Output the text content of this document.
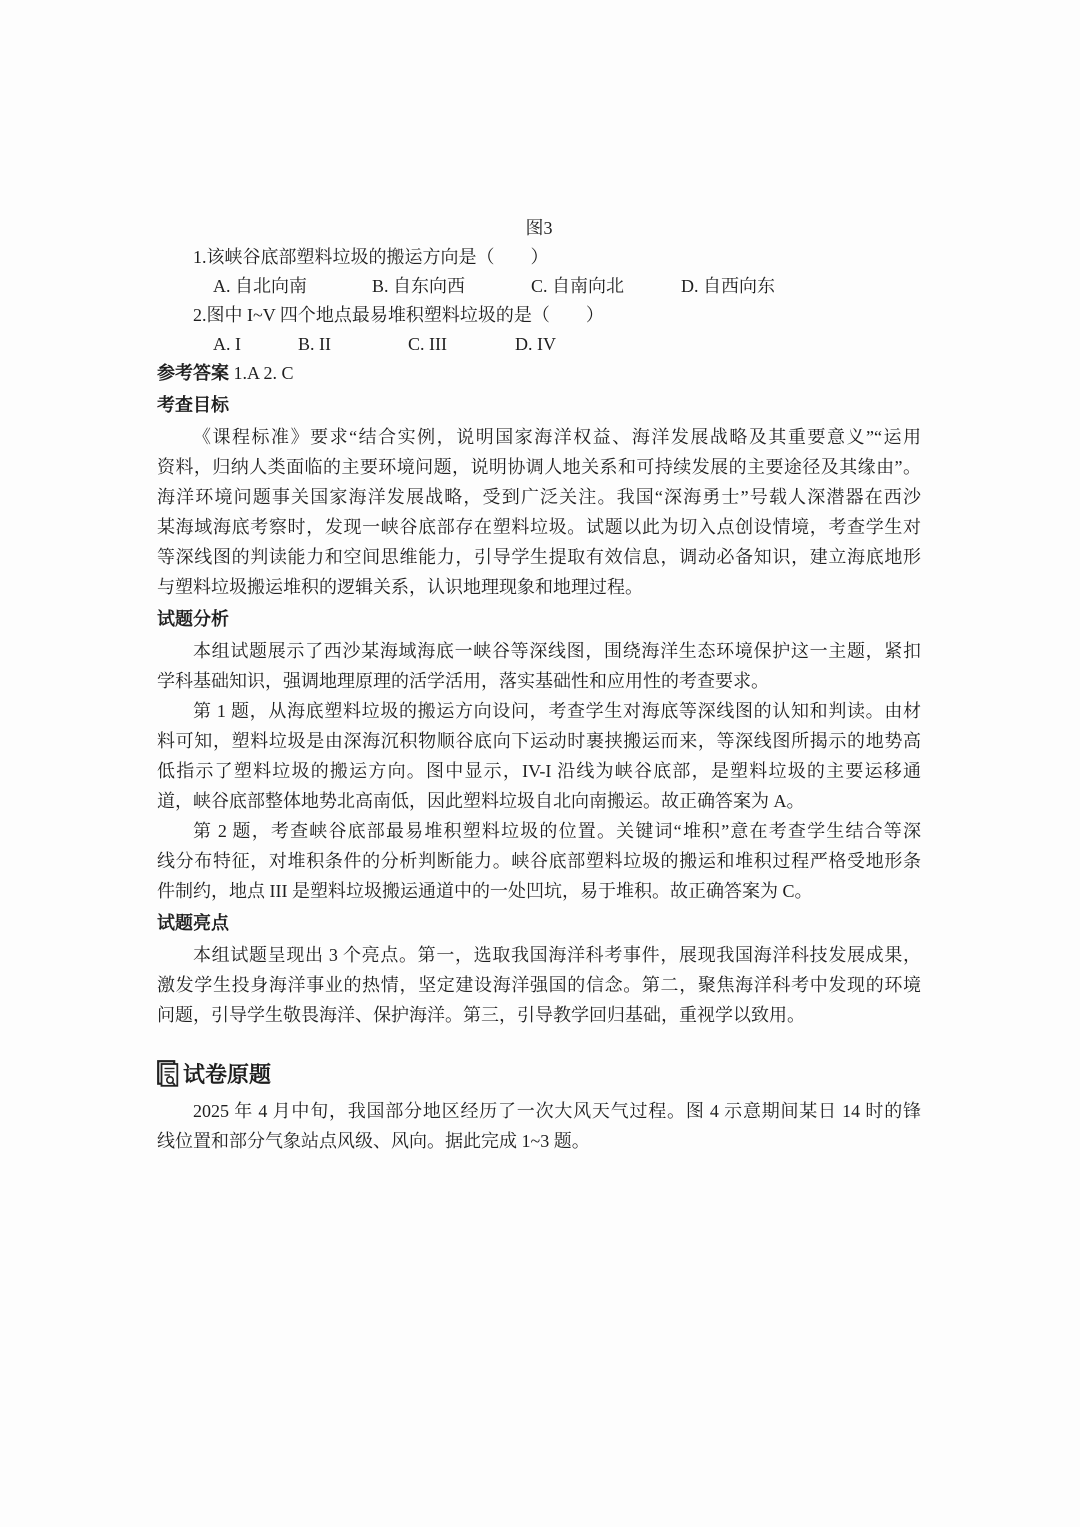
图3
1.该峡谷底部塑料垃圾的搬运方向是（　　）
A. 自北向南	B. 自东向西	C. 自南向北	D. 自西向东
2.图中 I~V 四个地点最易堆积塑料垃圾的是（　　）
A. I	B. II	C. III	D. IV
参考答案 1.A 2. C
考查目标
《课程标准》要求“结合实例，说明国家海洋权益、海洋发展战略及其重要意义”“运用
资料，归纳人类面临的主要环境问题，说明协调人地关系和可持续发展的主要途径及其缘由”。
海洋环境问题事关国家海洋发展战略，受到广泛关注。我国“深海勇士”号载人深潜器在西沙
某海域海底考察时，发现一峡谷底部存在塑料垃圾。试题以此为切入点创设情境，考查学生对
等深线图的判读能力和空间思维能力，引导学生提取有效信息，调动必备知识，建立海底地形
与塑料垃圾搬运堆积的逻辑关系，认识地理现象和地理过程。
试题分析
本组试题展示了西沙某海域海底一峡谷等深线图，围绕海洋生态环境保护这一主题，紧扣
学科基础知识，强调地理原理的活学活用，落实基础性和应用性的考查要求。
第 1 题，从海底塑料垃圾的搬运方向设问，考查学生对海底等深线图的认知和判读。由材
料可知，塑料垃圾是由深海沉积物顺谷底向下运动时裹挟搬运而来，等深线图所揭示的地势高
低指示了塑料垃圾的搬运方向。图中显示，IV-I 沿线为峡谷底部，是塑料垃圾的主要运移通
道，峡谷底部整体地势北高南低，因此塑料垃圾自北向南搬运。故正确答案为 A。
第 2 题，考查峡谷底部最易堆积塑料垃圾的位置。关键词“堆积”意在考查学生结合等深
线分布特征，对堆积条件的分析判断能力。峡谷底部塑料垃圾的搬运和堆积过程严格受地形条
件制约，地点 III 是塑料垃圾搬运通道中的一处凹坑，易于堆积。故正确答案为 C。
试题亮点
本组试题呈现出 3 个亮点。第一，选取我国海洋科考事件，展现我国海洋科技发展成果，
激发学生投身海洋事业的热情，坚定建设海洋强国的信念。第二，聚焦海洋科考中发现的环境
问题，引导学生敬畏海洋、保护海洋。第三，引导教学回归基础，重视学以致用。
试卷原题
2025 年 4 月中旬，我国部分地区经历了一次大风天气过程。图 4 示意期间某日 14 时的锋
线位置和部分气象站点风级、风向。据此完成 1~3 题。
